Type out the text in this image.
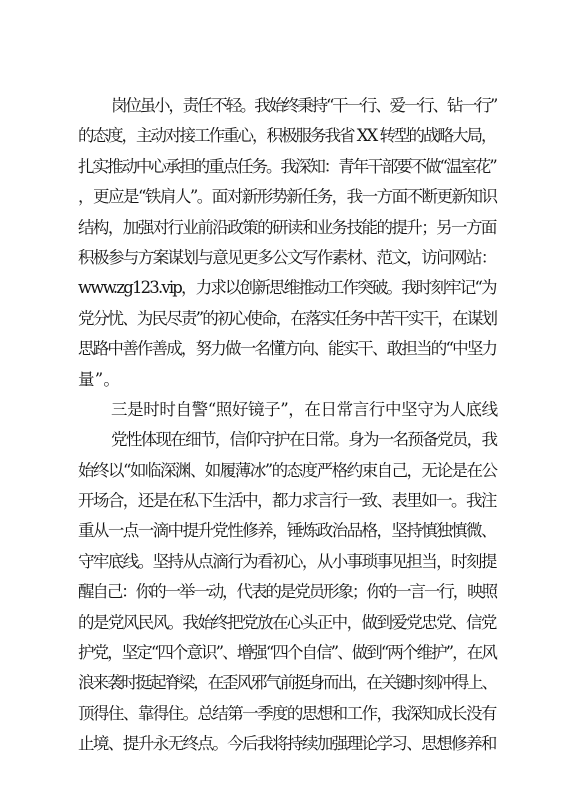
岗位虽小，责任不轻。我始终秉持“干一行、爱一行、钻一行”
的态度，主动对接工作重心，积极服务我省 XX 转型的战略大局，
扎实推动中心承担的重点任务。我深知：青年干部要不做“温室花”
，更应是“铁肩人”。面对新形势新任务，我一方面不断更新知识
结构，加强对行业前沿政策的研读和业务技能的提升；另一方面
积极参与方案谋划与意见更多公文写作素材、范文，访问网站：
www.zg123.vip，力求以创新思维推动工作突破。我时刻牢记“为
党分忧、为民尽责”的初心使命，在落实任务中苦干实干，在谋划
思路中善作善成，努力做一名懂方向、能实干、敢担当的“中坚力
量”。
三是时时自警“照好镜子”，在日常言行中坚守为人底线
党性体现在细节，信仰守护在日常。身为一名预备党员，我
始终以“如临深渊、如履薄冰”的态度严格约束自己，无论是在公
开场合，还是在私下生活中，都力求言行一致、表里如一。我注
重从一点一滴中提升党性修养，锤炼政治品格，坚持慎独慎微、
守牢底线。坚持从点滴行为看初心，从小事琐事见担当，时刻提
醒自己：你的一举一动，代表的是党员形象；你的一言一行，映照
的是党风民风。我始终把党放在心头正中，做到爱党忠党、信党
护党，坚定“四个意识”、增强“四个自信”、做到“两个维护”，在风
浪来袭时挺起脊梁，在歪风邪气前挺身而出，在关键时刻冲得上、
顶得住、靠得住。总结第一季度的思想和工作，我深知成长没有
止境、提升永无终点。今后我将持续加强理论学习、思想修养和
